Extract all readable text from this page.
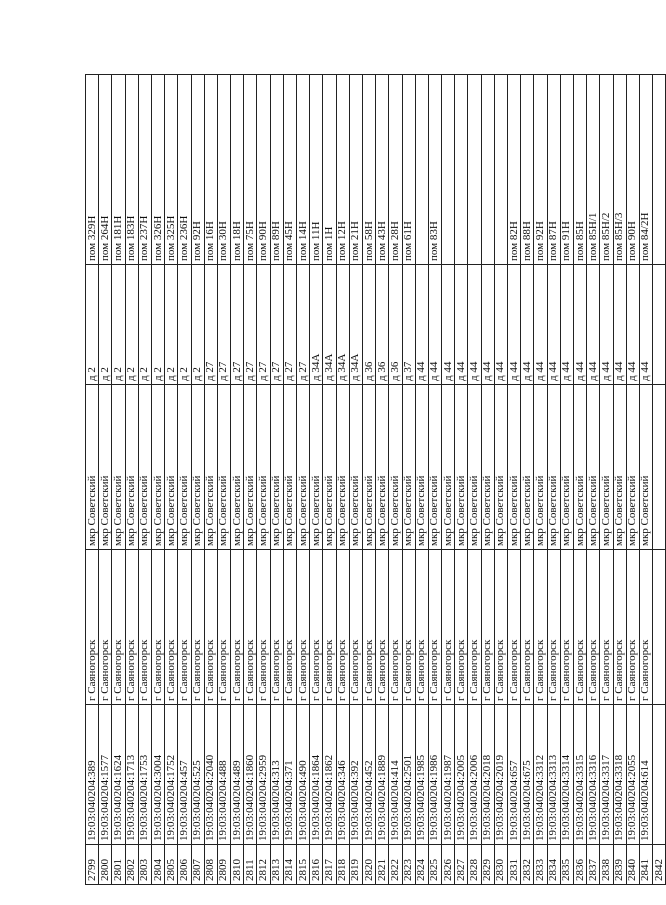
2799	19:03:040204:389	г Саяногорск	мкр Советский	д 2	пом 329Н
2800	19:03:040204:1577	г Саяногорск	мкр Советский	д 2	пом 264Н
2801	19:03:040204:1624	г Саяногорск	мкр Советский	д 2	пом 181Н
2802	19:03:040204:1713	г Саяногорск	мкр Советский	д 2	пом 183Н
2803	19:03:040204:1753	г Саяногорск	мкр Советский	д 2	пом 237Н
2804	19:03:040204:3004	г Саяногорск	мкр Советский	д 2	пом 326Н
2805	19:03:040204:1752	г Саяногорск	мкр Советский	д 2	пом 325Н
2806	19:03:040204:457	г Саяногорск	мкр Советский	д 2	пом 236Н
2807	19:03:040204:525	г Саяногорск	мкр Советский	д 2	пом 92Н
2808	19:03:040204:2040	г Саяногорск	мкр Советский	д 27	пом 16Н
2809	19:03:040204:488	г Саяногорск	мкр Советский	д 27	пом 30Н
2810	19:03:040204:489	г Саяногорск	мкр Советский	д 27	пом 18Н
2811	19:03:040204:1860	г Саяногорск	мкр Советский	д 27	пом 75Н
2812	19:03:040204:2959	г Саяногорск	мкр Советский	д 27	пом 90Н
2813	19:03:040204:313	г Саяногорск	мкр Советский	д 27	пом 89Н
2814	19:03:040204:371	г Саяногорск	мкр Советский	д 27	пом 45Н
2815	19:03:040204:490	г Саяногорск	мкр Советский	д 27	пом 14Н
2816	19:03:040204:1864	г Саяногорск	мкр Советский	д 34А	пом 11Н
2817	19:03:040204:1862	г Саяногорск	мкр Советский	д 34А	пом 1Н
2818	19:03:040204:346	г Саяногорск	мкр Советский	д 34А	пом 12Н
2819	19:03:040204:392	г Саяногорск	мкр Советский	д 34А	пом 21Н
2820	19:03:040204:452	г Саяногорск	мкр Советский	д 36	пом 58Н
2821	19:03:040204:1889	г Саяногорск	мкр Советский	д 36	пом 43Н
2822	19:03:040204:414	г Саяногорск	мкр Советский	д 36	пом 28Н
2823	19:03:040204:2501	г Саяногорск	мкр Советский	д 37	пом 61Н
2824	19:03:040204:1985	г Саяногорск	мкр Советский	д 44	
2825	19:03:040204:1986	г Саяногорск	мкр Советский	д 44	пом 83Н
2826	19:03:040204:1987	г Саяногорск	мкр Советский	д 44	
2827	19:03:040204:2005	г Саяногорск	мкр Советский	д 44	
2828	19:03:040204:2006	г Саяногорск	мкр Советский	д 44	
2829	19:03:040204:2018	г Саяногорск	мкр Советский	д 44	
2830	19:03:040204:2019	г Саяногорск	мкр Советский	д 44	
2831	19:03:040204:657	г Саяногорск	мкр Советский	д 44	пом 82Н
2832	19:03:040204:675	г Саяногорск	мкр Советский	д 44	пом 88Н
2833	19:03:040204:3312	г Саяногорск	мкр Советский	д 44	пом 92Н
2834	19:03:040204:3313	г Саяногорск	мкр Советский	д 44	пом 87Н
2835	19:03:040204:3314	г Саяногорск	мкр Советский	д 44	пом 91Н
2836	19:03:040204:3315	г Саяногорск	мкр Советский	д 44	пом 85Н
2837	19:03:040204:3316	г Саяногорск	мкр Советский	д 44	пом 85Н/1
2838	19:03:040204:3317	г Саяногорск	мкр Советский	д 44	пом 85Н/2
2839	19:03:040204:3318	г Саяногорск	мкр Советский	д 44	пом 85Н/3
2840	19:03:040204:2055	г Саяногорск	мкр Советский	д 44	пом 90Н
2841	19:03:040204:614	г Саяногорск	мкр Советский	д 44	пом 84/2Н
2842					
